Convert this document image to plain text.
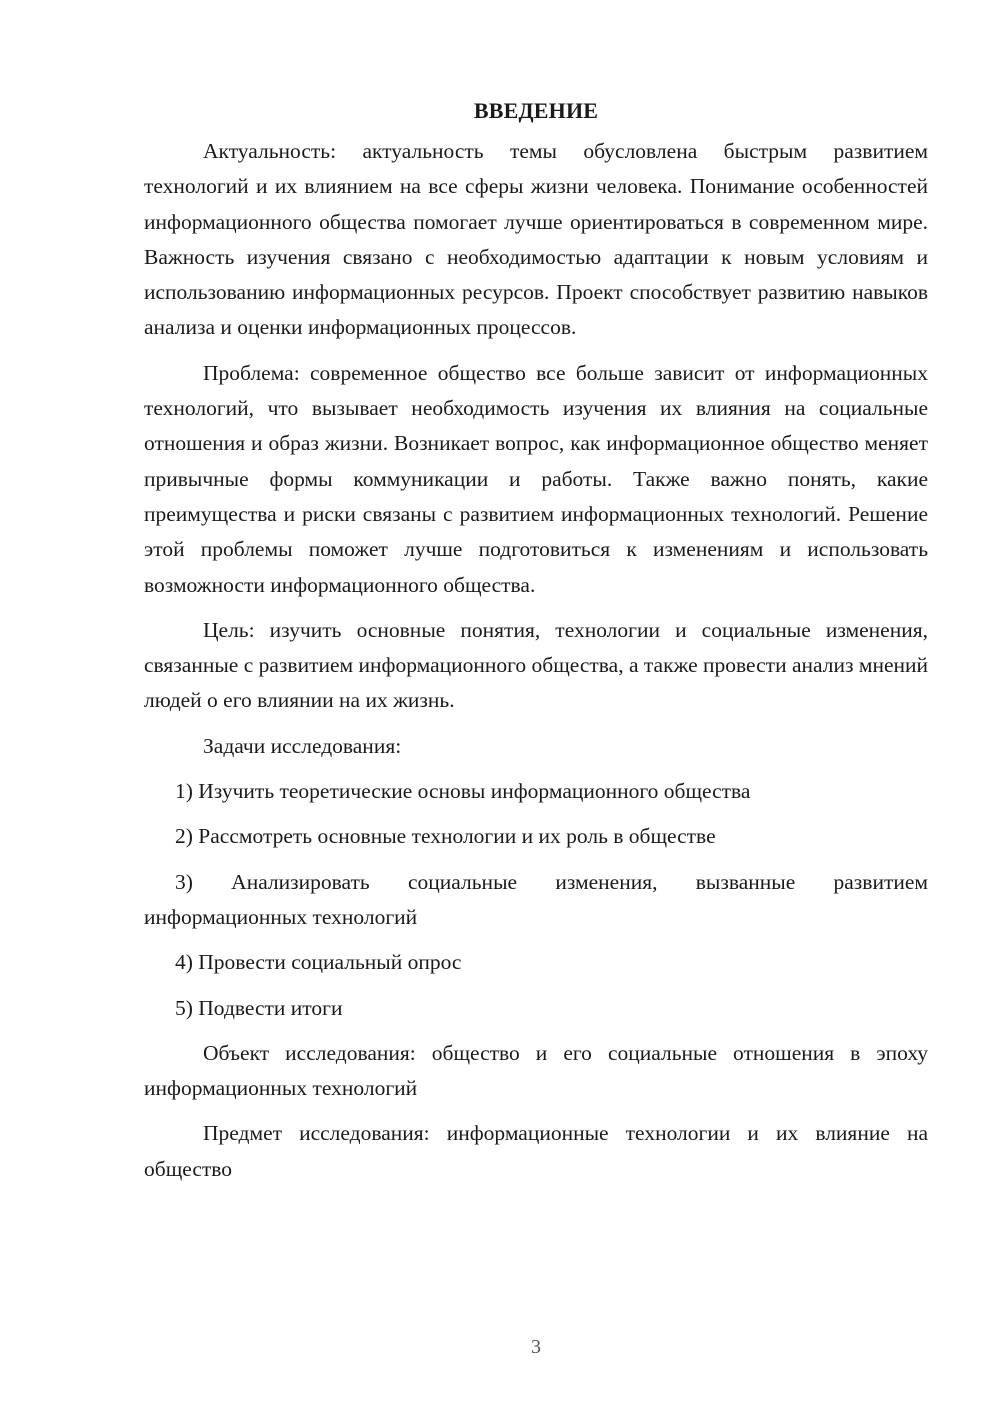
ВВЕДЕНИЕ

Актуальность: актуальность темы обусловлена быстрым развитием технологий и их влиянием на все сферы жизни человека. Понимание особенностей информационного общества помогает лучше ориентироваться в современном мире. Важность изучения связано с необходимостью адаптации к новым условиям и использованию информационных ресурсов. Проект способствует развитию навыков анализа и оценки информационных процессов.

Проблема: современное общество все больше зависит от информационных технологий, что вызывает необходимость изучения их влияния на социальные отношения и образ жизни. Возникает вопрос, как информационное общество меняет привычные формы коммуникации и работы. Также важно понять, какие преимущества и риски связаны с развитием информационных технологий. Решение этой проблемы поможет лучше подготовиться к изменениям и использовать возможности информационного общества.

Цель: изучить основные понятия, технологии и социальные изменения, связанные с развитием информационного общества, а также провести анализ мнений людей о его влиянии на их жизнь.

Задачи исследования:

1) Изучить теоретические основы информационного общества

2) Рассмотреть основные технологии и их роль в обществе

3) Анализировать социальные изменения, вызванные развитием информационных технологий

4) Провести социальный опрос

5) Подвести итоги

Объект исследования: общество и его социальные отношения в эпоху информационных технологий

Предмет исследования: информационные технологии и их влияние на общество

3
